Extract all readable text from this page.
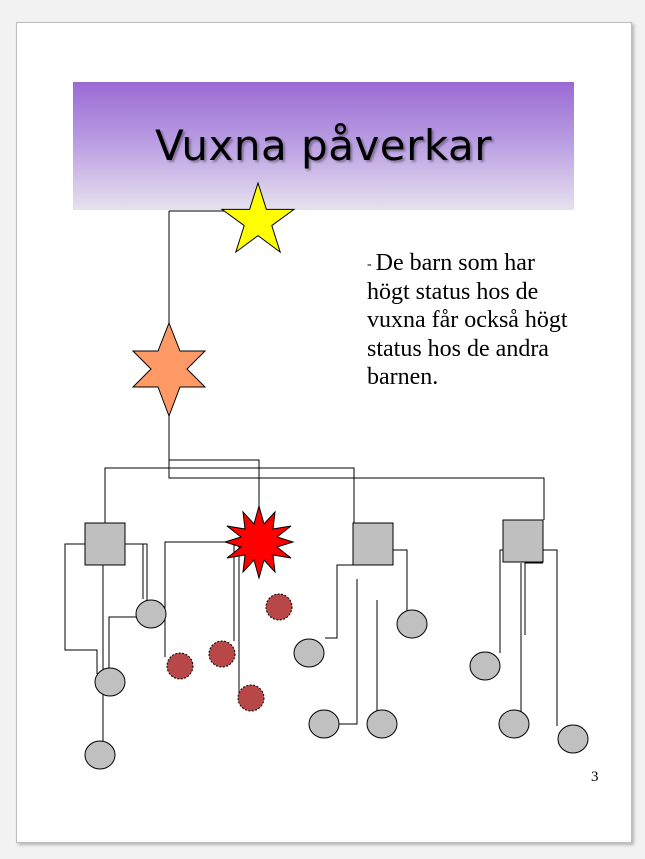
Vuxna påverkar
- De barn som har högt status hos de vuxna får också högt status hos de andra barnen.
3
